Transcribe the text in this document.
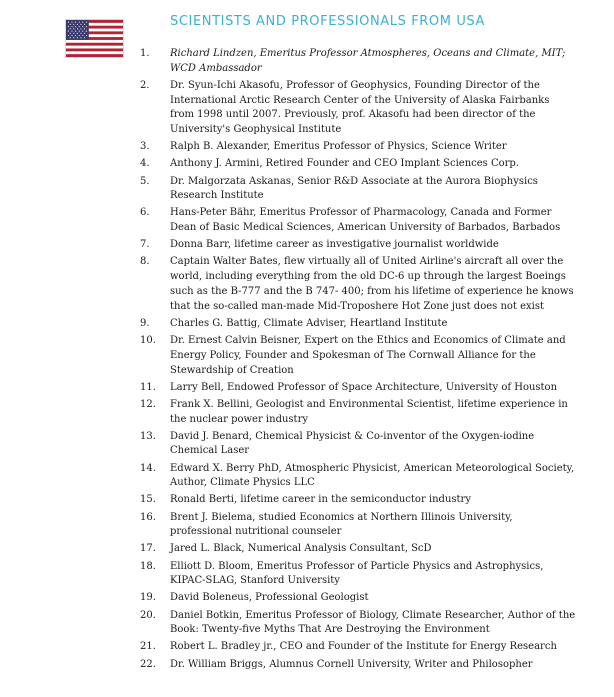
SCIENTISTS AND PROFESSIONALS FROM USA
1.	Richard Lindzen, Emeritus Professor Atmospheres, Oceans and Climate, MIT; WCD Ambassador
2.	Dr. Syun-Ichi Akasofu, Professor of Geophysics, Founding Director of the International Arctic Research Center of the University of Alaska Fairbanks from 1998 until 2007. Previously, prof. Akasofu had been director of the University's Geophysical Institute
3.	Ralph B. Alexander, Emeritus Professor of Physics, Science Writer
4.	Anthony J. Armini, Retired Founder and CEO Implant Sciences Corp.
5.	Dr. Malgorzata Askanas, Senior R&D Associate at the Aurora Biophysics Research Institute
6.	Hans-Peter Bähr, Emeritus Professor of Pharmacology, Canada and Former Dean of Basic Medical Sciences, American University of Barbados, Barbados
7.	Donna Barr, lifetime career as investigative journalist worldwide
8.	Captain Walter Bates, flew virtually all of United Airline's aircraft all over the world, including everything from the old DC-6 up through the largest Boeings such as the B-777 and the B 747- 400; from his lifetime of experience he knows that the so-called man-made Mid-Troposhere Hot Zone just does not exist
9.	Charles G. Battig, Climate Adviser, Heartland Institute
10.	Dr. Ernest Calvin Beisner, Expert on the Ethics and Economics of Climate and Energy Policy, Founder and Spokesman of The Cornwall Alliance for the Stewardship of Creation
11.	Larry Bell, Endowed Professor of Space Architecture, University of Houston
12.	Frank X. Bellini, Geologist and Environmental Scientist, lifetime experience in the nuclear power industry
13.	David J. Benard, Chemical Physicist & Co-inventor of the Oxygen-iodine Chemical Laser
14.	Edward X. Berry PhD, Atmospheric Physicist, American Meteorological Society, Author, Climate Physics LLC
15.	Ronald Berti, lifetime career in the semiconductor industry
16.	Brent J. Bielema, studied Economics at Northern Illinois University, professional nutritional counseler
17.	Jared L. Black, Numerical Analysis Consultant, ScD
18.	Elliott D. Bloom, Emeritus Professor of Particle Physics and Astrophysics, KIPAC-SLAG, Stanford University
19.	David Boleneus, Professional Geologist
20.	Daniel Botkin, Emeritus Professor of Biology, Climate Researcher, Author of the Book: Twenty-five Myths That Are Destroying the Environment
21.	Robert L. Bradley jr., CEO and Founder of the Institute for Energy Research
22.	Dr. William Briggs, Alumnus Cornell University, Writer and Philosopher
